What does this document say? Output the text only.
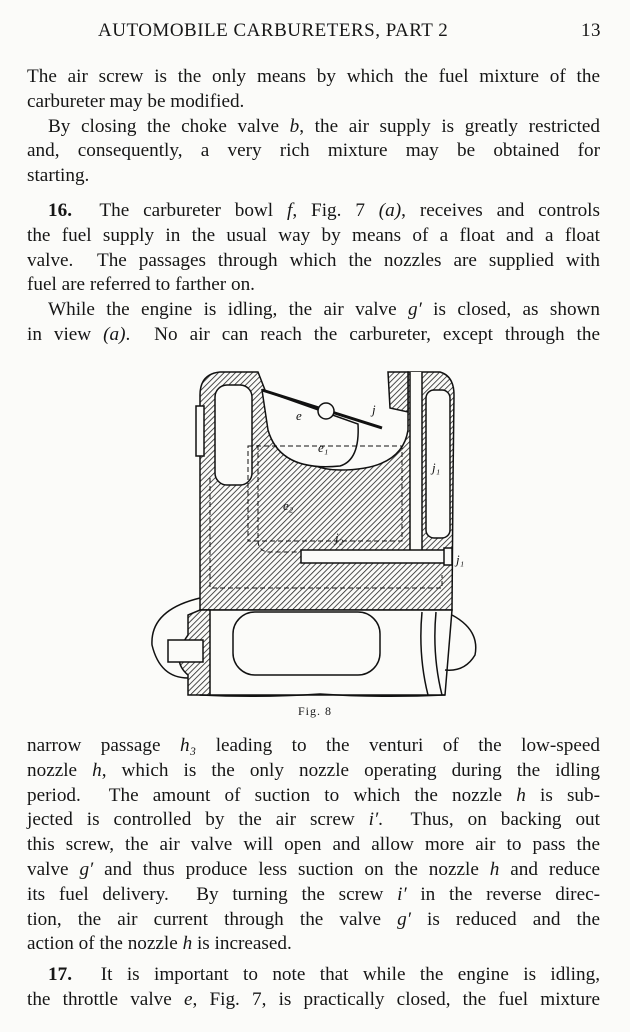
AUTOMOBILE CARBURETERS, PART 2	13
The air screw is the only means by which the fuel mixture of the
carbureter may be modified.
By closing the choke valve b, the air supply is greatly restricted
and, consequently, a very rich mixture may be obtained for
starting.
16.  The carbureter bowl f, Fig. 7 (a), receives and controls
the fuel supply in the usual way by means of a float and a float
valve.  The passages through which the nozzles are supplied with
fuel are referred to farther on.
While the engine is idling, the air valve g′ is closed, as shown
in view (a).  No air can reach the carbureter, except through the
e
e₁
e₂
j
j₁
j₁
j₂
Fig. 8
narrow passage h₃ leading to the venturi of the low-speed
nozzle h, which is the only nozzle operating during the idling
period.  The amount of suction to which the nozzle h is sub-
jected is controlled by the air screw i′.  Thus, on backing out
this screw, the air valve will open and allow more air to pass the
valve g′ and thus produce less suction on the nozzle h and reduce
its fuel delivery.  By turning the screw i′ in the reverse direc-
tion, the air current through the valve g′ is reduced and the
action of the nozzle h is increased.
17.  It is important to note that while the engine is idling,
the throttle valve e, Fig. 7, is practically closed, the fuel mixture
